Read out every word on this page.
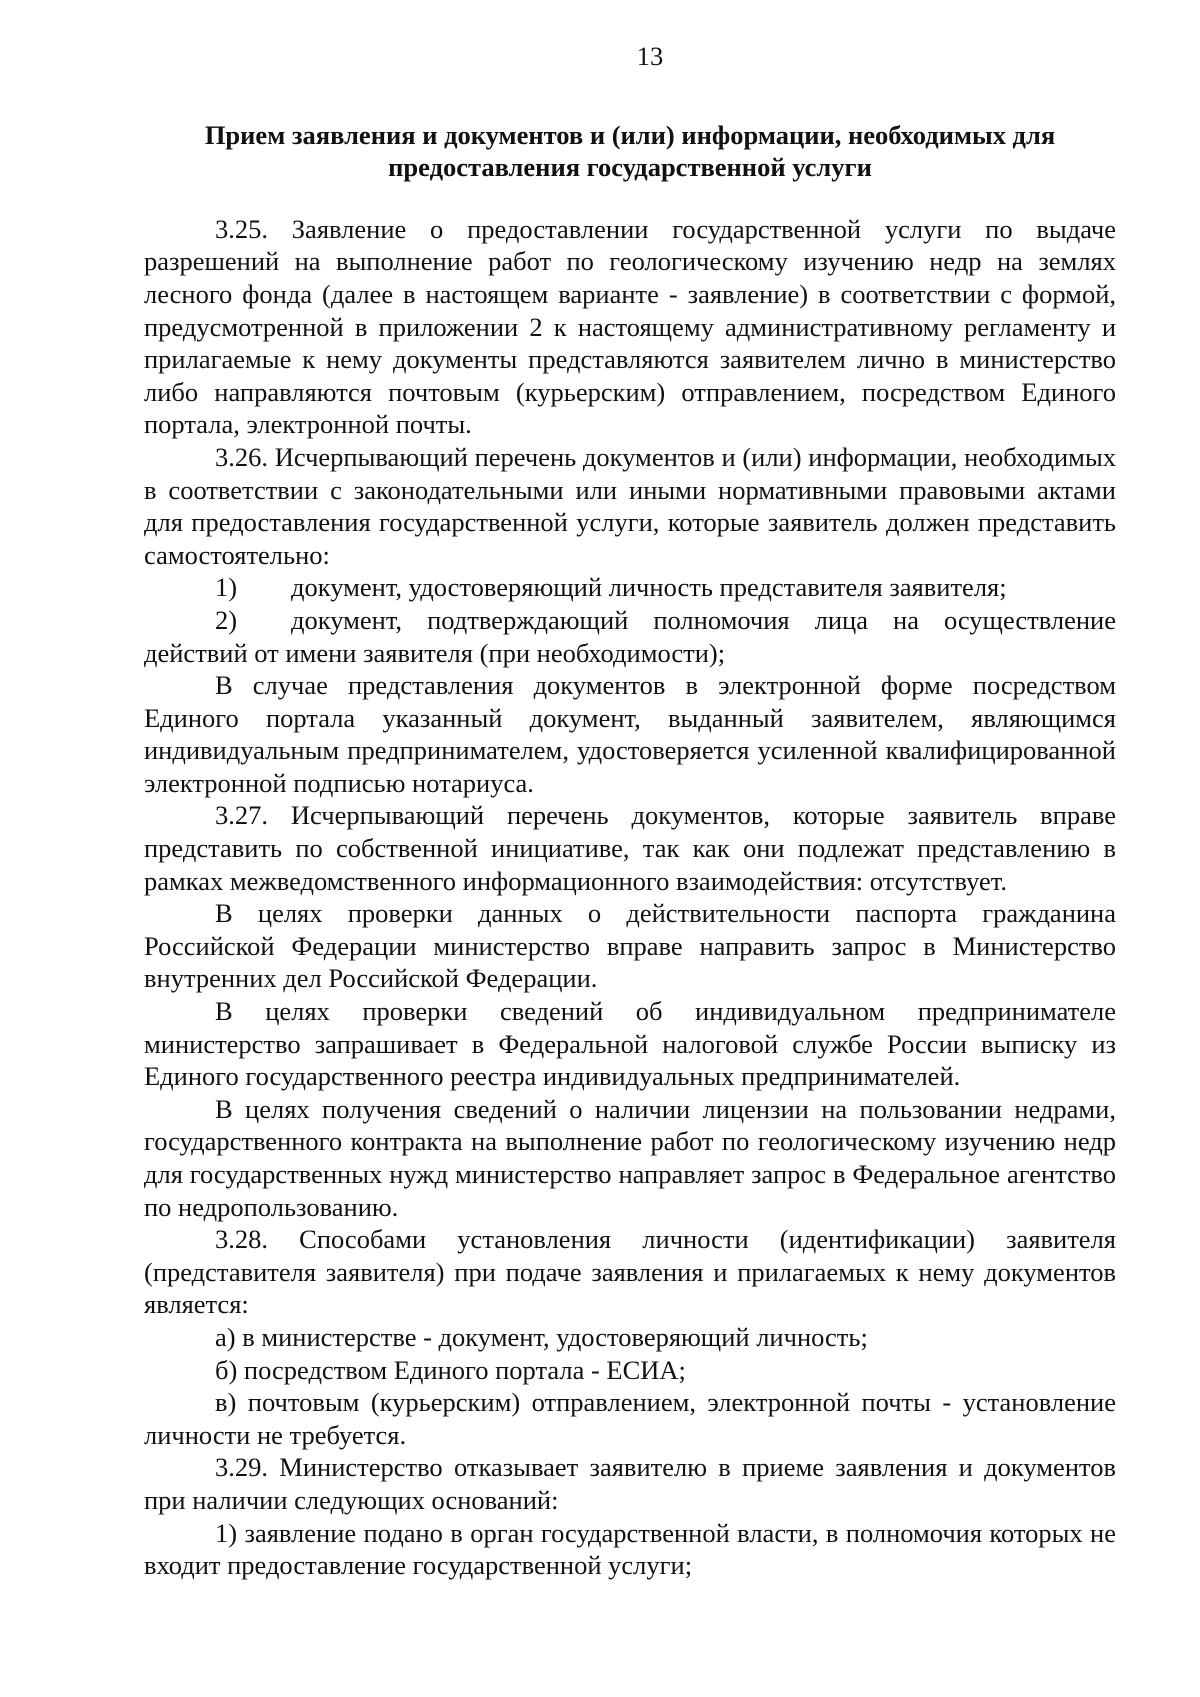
13
Прием заявления и документов и (или) информации, необходимых для
предоставления государственной услуги

3.25. Заявление о предоставлении государственной услуги по выдаче разрешений на выполнение работ по геологическому изучению недр на землях лесного фонда (далее в настоящем варианте - заявление) в соответствии с формой, предусмотренной в приложении 2 к настоящему административному регламенту и прилагаемые к нему документы представляются заявителем лично в министерство либо направляются почтовым (курьерским) отправлением, посредством Единого портала, электронной почты.

3.26. Исчерпывающий перечень документов и (или) информации, необходимых в соответствии с законодательными или иными нормативными правовыми актами для предоставления государственной услуги, которые заявитель должен представить самостоятельно:

1) документ, удостоверяющий личность представителя заявителя;

2) документ, подтверждающий полномочия лица на осуществление действий от имени заявителя (при необходимости);

В случае представления документов в электронной форме посредством Единого портала указанный документ, выданный заявителем, являющимся индивидуальным предпринимателем, удостоверяется усиленной квалифицированной электронной подписью нотариуса.

3.27. Исчерпывающий перечень документов, которые заявитель вправе представить по собственной инициативе, так как они подлежат представлению в рамках межведомственного информационного взаимодействия: отсутствует.

В целях проверки данных о действительности паспорта гражданина Российской Федерации министерство вправе направить запрос в Министерство внутренних дел Российской Федерации.

В целях проверки сведений об индивидуальном предпринимателе министерство запрашивает в Федеральной налоговой службе России выписку из Единого государственного реестра индивидуальных предпринимателей.

В целях получения сведений о наличии лицензии на пользовании недрами, государственного контракта на выполнение работ по геологическому изучению недр для государственных нужд министерство направляет запрос в Федеральное агентство по недропользованию.

3.28. Способами установления личности (идентификации) заявителя (представителя заявителя) при подаче заявления и прилагаемых к нему документов является:

а) в министерстве - документ, удостоверяющий личность;

б) посредством Единого портала - ЕСИА;

в) почтовым (курьерским) отправлением, электронной почты - установление личности не требуется.

3.29. Министерство отказывает заявителю в приеме заявления и документов при наличии следующих оснований:

1) заявление подано в орган государственной власти, в полномочия которых не входит предоставление государственной услуги;
